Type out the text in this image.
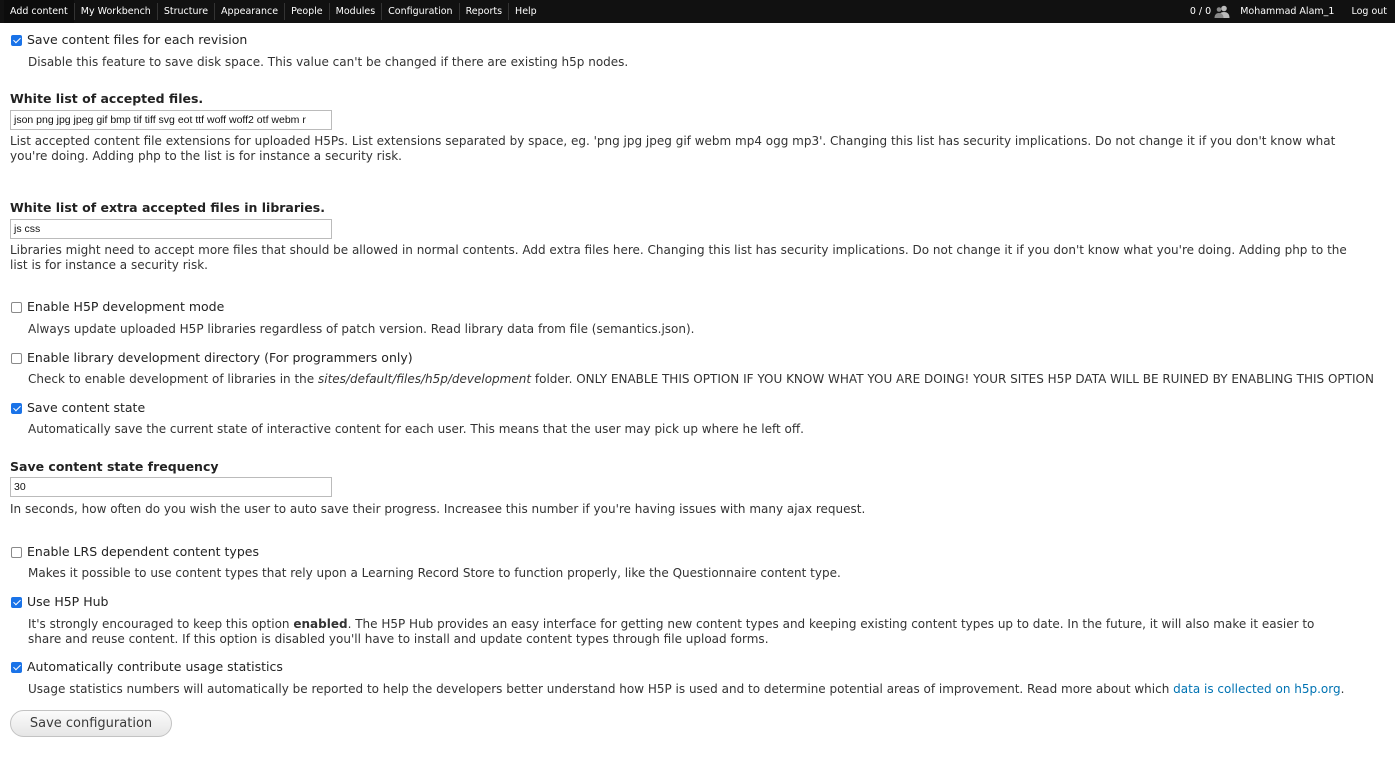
Add content	My Workbench	Structure	Appearance	People	Modules	Configuration	Reports	Help	0 / 0	Mohammad Alam_1 Log out
Save content files for each revision
Disable this feature to save disk space. This value can't be changed if there are existing h5p nodes.
White list of accepted files.
json png jpg jpeg gif bmp tif tiff svg eot ttf woff woff2 otf webm r
List accepted content file extensions for uploaded H5Ps. List extensions separated by space, eg. 'png jpg jpeg gif webm mp4 ogg mp3'. Changing this list has security implications. Do not change it if you don't know what you're doing. Adding php to the list is for instance a security risk.
White list of extra accepted files in libraries.
js css
Libraries might need to accept more files that should be allowed in normal contents. Add extra files here. Changing this list has security implications. Do not change it if you don't know what you're doing. Adding php to the list is for instance a security risk.
Enable H5P development mode
Always update uploaded H5P libraries regardless of patch version. Read library data from file (semantics.json).
Enable library development directory (For programmers only)
Check to enable development of libraries in the sites/default/files/h5p/development folder. ONLY ENABLE THIS OPTION IF YOU KNOW WHAT YOU ARE DOING! YOUR SITES H5P DATA WILL BE RUINED BY ENABLING THIS OPTION
Save content state
Automatically save the current state of interactive content for each user. This means that the user may pick up where he left off.
Save content state frequency
30
In seconds, how often do you wish the user to auto save their progress. Increasee this number if you're having issues with many ajax request.
Enable LRS dependent content types
Makes it possible to use content types that rely upon a Learning Record Store to function properly, like the Questionnaire content type.
Use H5P Hub
It's strongly encouraged to keep this option enabled. The H5P Hub provides an easy interface for getting new content types and keeping existing content types up to date. In the future, it will also make it easier to share and reuse content. If this option is disabled you'll have to install and update content types through file upload forms.
Automatically contribute usage statistics
Usage statistics numbers will automatically be reported to help the developers better understand how H5P is used and to determine potential areas of improvement. Read more about which data is collected on h5p.org.
Save configuration
